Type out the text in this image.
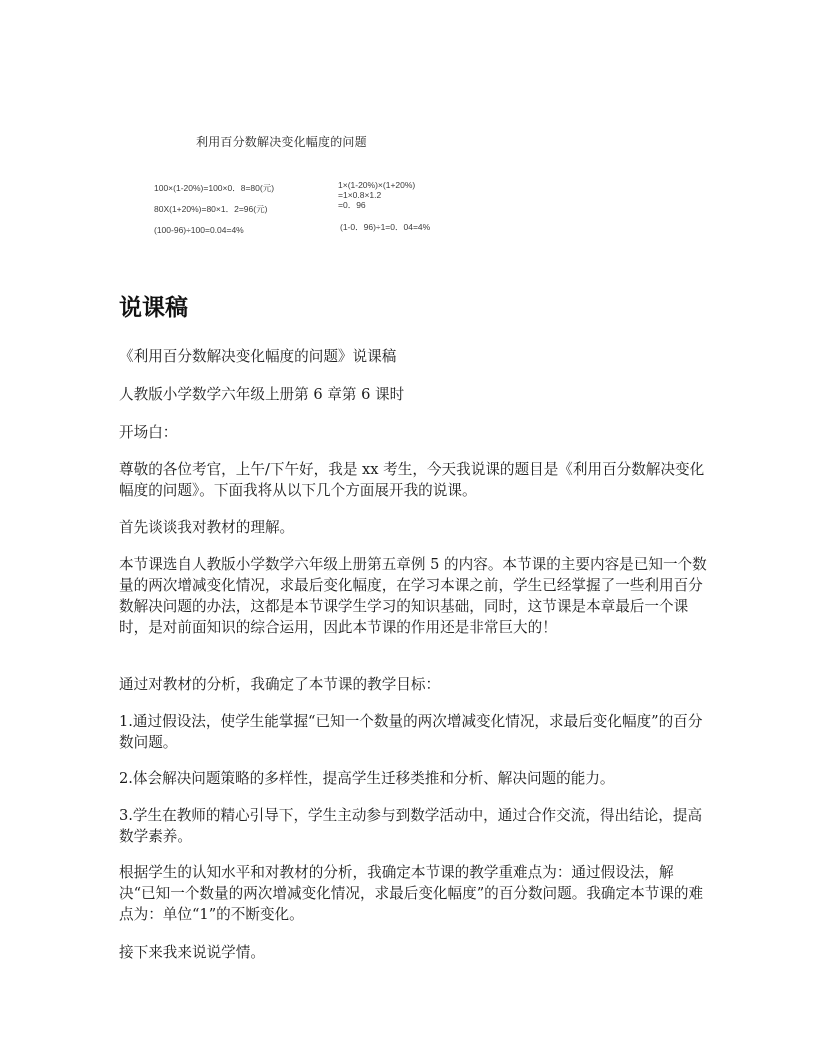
利用百分数解决变化幅度的问题
100×(1-20%)=100×0．8=80(元)
80X(1+20%)=80×1．2=96(元)
(100-96)÷100=0.04=4%
1×(1-20%)×(1+20%)
=1×0.8×1.2
=0．96
(1-0．96)÷1=0．04=4%
说课稿

《利用百分数解决变化幅度的问题》说课稿

人教版小学数学六年级上册第 6 章第 6 课时

开场白：

尊敬的各位考官，上午/下午好，我是 xx 考生，今天我说课的题目是《利用百分数解决变化幅度的问题》。下面我将从以下几个方面展开我的说课。

首先谈谈我对教材的理解。

本节课选自人教版小学数学六年级上册第五章例 5 的内容。本节课的主要内容是已知一个数量的两次增减变化情况，求最后变化幅度，在学习本课之前，学生已经掌握了一些利用百分数解决问题的办法，这都是本节课学生学习的知识基础，同时，这节课是本章最后一个课时，是对前面知识的综合运用，因此本节课的作用还是非常巨大的！

通过对教材的分析，我确定了本节课的教学目标：

1.通过假设法，使学生能掌握“已知一个数量的两次增减变化情况，求最后变化幅度”的百分数问题。

2.体会解决问题策略的多样性，提高学生迁移类推和分析、解决问题的能力。

3.学生在教师的精心引导下，学生主动参与到数学活动中，通过合作交流，得出结论，提高数学素养。

根据学生的认知水平和对教材的分析，我确定本节课的教学重难点为：通过假设法，解决“已知一个数量的两次增减变化情况，求最后变化幅度”的百分数问题。我确定本节课的难点为：单位“1”的不断变化。

接下来我来说说学情。
